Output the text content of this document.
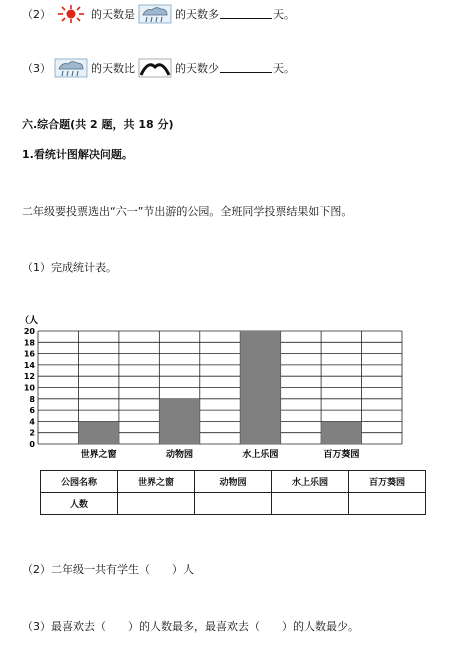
（2）	的天数是	的天数多	天。
（3）	的天数比	的天数少	天。
六.综合题(共 2 题，共 18 分)
1.看统计图解决问题。
二年级要投票选出“六一”节出游的公园。全班同学投票结果如下图。
（1）完成统计表。
（人
0
2
4
6
8
10
12
14
16
18
20
世界之窗	动物园	水上乐园	百万葵园
公园名称	世界之窗	动物园	水上乐园	百万葵园
人数				
（2）二年级一共有学生（　　）人
（3）最喜欢去（　　）的人数最多，最喜欢去（　　）的人数最少。
